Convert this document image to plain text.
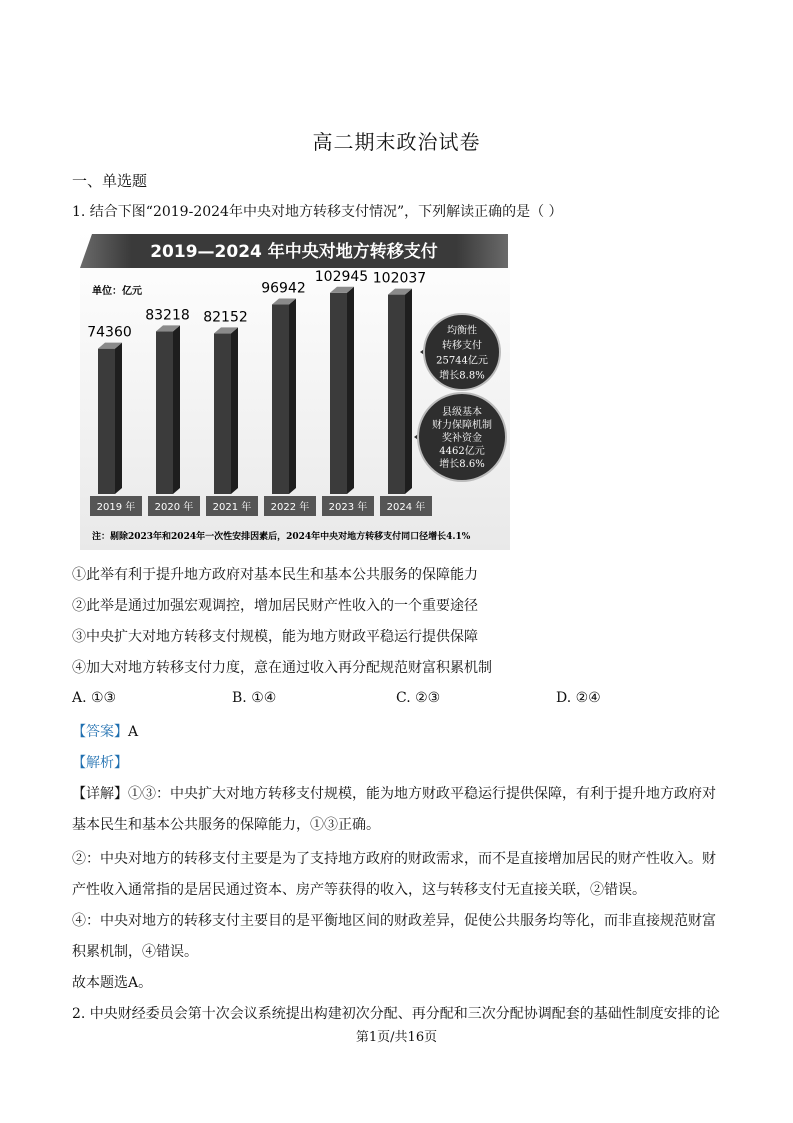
高二期末政治试卷
一、单选题
1. 结合下图“2019-2024年中央对地方转移支付情况”，下列解读正确的是（ ）
2019—2024 年中央对地方转移支付
单位：亿元
74360
2019 年
83218
2020 年
82152
2021 年
96942
2022 年
102945
2023 年
102037
2024 年
均衡性
转移支付
25744亿元
增长8.8%
县级基本
财力保障机制
奖补资金
4462亿元
增长8.6%
注：剔除2023年和2024年一次性安排因素后，2024年中央对地方转移支付同口径增长4.1%
①此举有利于提升地方政府对基本民生和基本公共服务的保障能力
②此举是通过加强宏观调控，增加居民财产性收入的一个重要途径
③中央扩大对地方转移支付规模，能为地方财政平稳运行提供保障
④加大对地方转移支付力度，意在通过收入再分配规范财富积累机制
A. ①③	B. ①④	C. ②③	D. ②④
【答案】A
【解析】
【详解】①③：中央扩大对地方转移支付规模，能为地方财政平稳运行提供保障，有利于提升地方政府对
基本民生和基本公共服务的保障能力，①③正确。
②：中央对地方的转移支付主要是为了支持地方政府的财政需求，而不是直接增加居民的财产性收入。财
产性收入通常指的是居民通过资本、房产等获得的收入，这与转移支付无直接关联，②错误。
④：中央对地方的转移支付主要目的是平衡地区间的财政差异，促使公共服务均等化，而非直接规范财富
积累机制，④错误。
故本题选A。
2. 中央财经委员会第十次会议系统提出构建初次分配、再分配和三次分配协调配套的基础性制度安排的论
第1页/共16页
